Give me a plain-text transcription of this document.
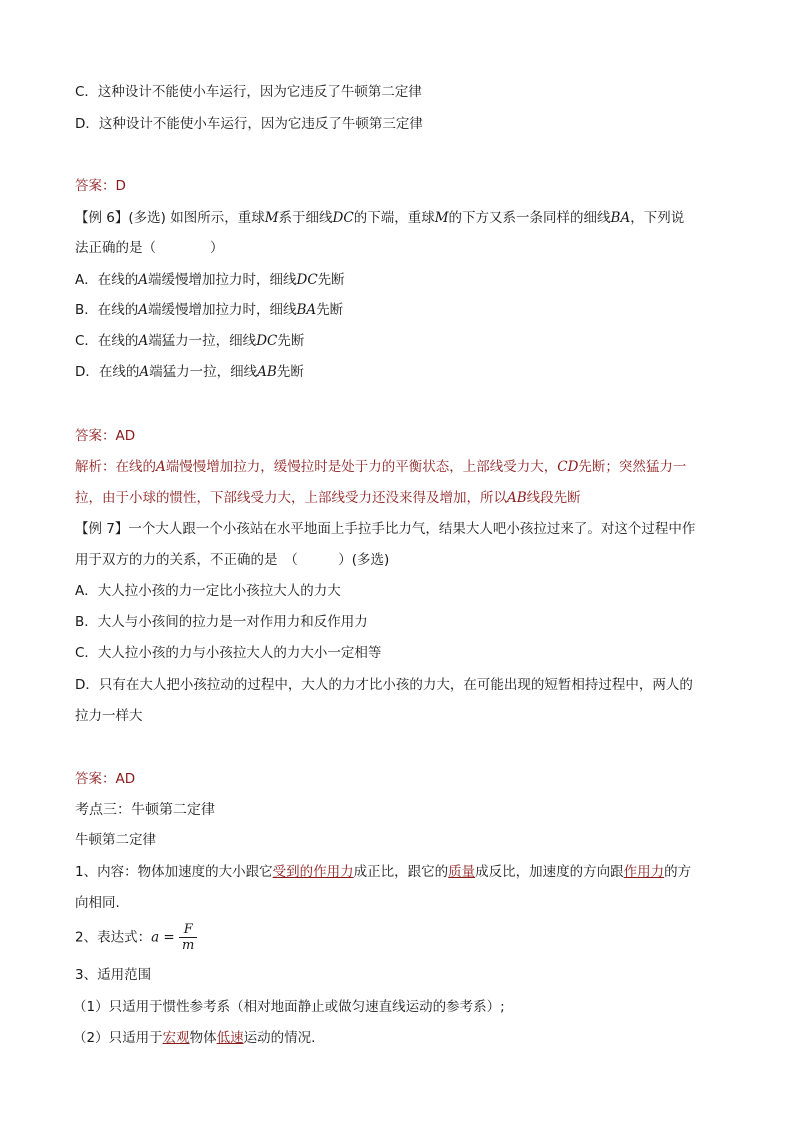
C．这种设计不能使小车运行，因为它违反了牛顿第二定律
D．这种设计不能使小车运行，因为它违反了牛顿第三定律
答案：D
【例 6】(多选) 如图所示，重球M系于细线DC的下端，重球M的下方又系一条同样的细线BA，下列说
法正确的是（　　　　）
A．在线的A端缓慢增加拉力时，细线DC先断
B．在线的A端缓慢增加拉力时，细线BA先断
C．在线的A端猛力一拉，细线DC先断
D．在线的A端猛力一拉，细线AB先断
答案：AD
解析：在线的A端慢慢增加拉力，缓慢拉时是处于力的平衡状态，上部线受力大，CD先断；突然猛力一
拉，由于小球的惯性，下部线受力大，上部线受力还没来得及增加，所以AB线段先断
【例 7】一个大人跟一个小孩站在水平地面上手拉手比力气，结果大人吧小孩拉过来了。对这个过程中作
用于双方的力的关系，不正确的是　（　　　）(多选)
A．大人拉小孩的力一定比小孩拉大人的力大
B．大人与小孩间的拉力是一对作用力和反作用力
C．大人拉小孩的力与小孩拉大人的力大小一定相等
D．只有在大人把小孩拉动的过程中，大人的力才比小孩的力大，在可能出现的短暂相持过程中，两人的
拉力一样大
答案：AD
考点三：牛顿第二定律
牛顿第二定律
1、内容：物体加速度的大小跟它受到的作用力成正比，跟它的质量成反比，加速度的方向跟作用力的方
向相同.
2、表达式：$a = \frac{F}{m}$
3、适用范围
（1）只适用于惯性参考系（相对地面静止或做匀速直线运动的参考系）;
（2）只适用于宏观物体低速运动的情况.
